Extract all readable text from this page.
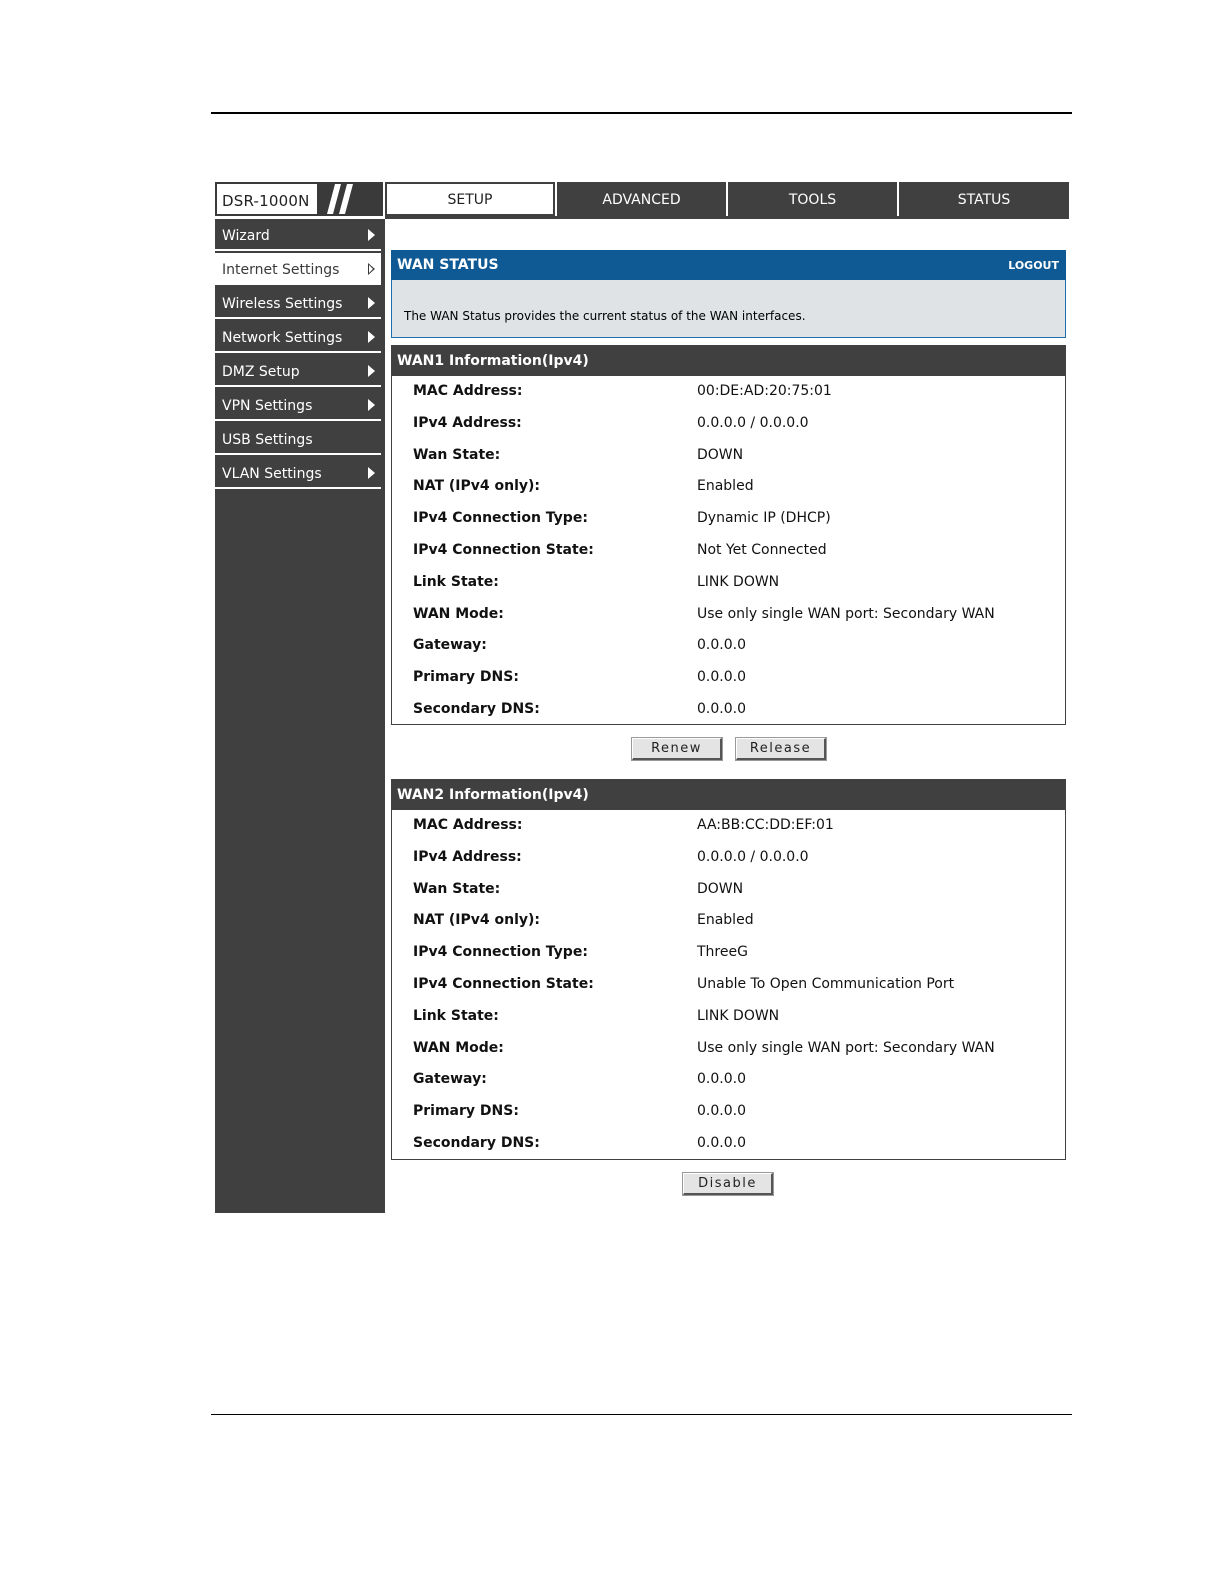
DSR-1000N	SETUP	ADVANCED	TOOLS	STATUS
Wizard
Internet Settings
Wireless Settings
Network Settings
DMZ Setup
VPN Settings
USB Settings
VLAN Settings
WAN STATUS	LOGOUT
The WAN Status provides the current status of the WAN interfaces.
WAN1 Information(Ipv4)
MAC Address:	00:DE:AD:20:75:01
IPv4 Address:	0.0.0.0 / 0.0.0.0
Wan State:	DOWN
NAT (IPv4 only):	Enabled
IPv4 Connection Type:	Dynamic IP (DHCP)
IPv4 Connection State:	Not Yet Connected
Link State:	LINK DOWN
WAN Mode:	Use only single WAN port: Secondary WAN
Gateway:	0.0.0.0
Primary DNS:	0.0.0.0
Secondary DNS:	0.0.0.0
Renew	Release
WAN2 Information(Ipv4)
MAC Address:	AA:BB:CC:DD:EF:01
IPv4 Address:	0.0.0.0 / 0.0.0.0
Wan State:	DOWN
NAT (IPv4 only):	Enabled
IPv4 Connection Type:	ThreeG
IPv4 Connection State:	Unable To Open Communication Port
Link State:	LINK DOWN
WAN Mode:	Use only single WAN port: Secondary WAN
Gateway:	0.0.0.0
Primary DNS:	0.0.0.0
Secondary DNS:	0.0.0.0
Disable
